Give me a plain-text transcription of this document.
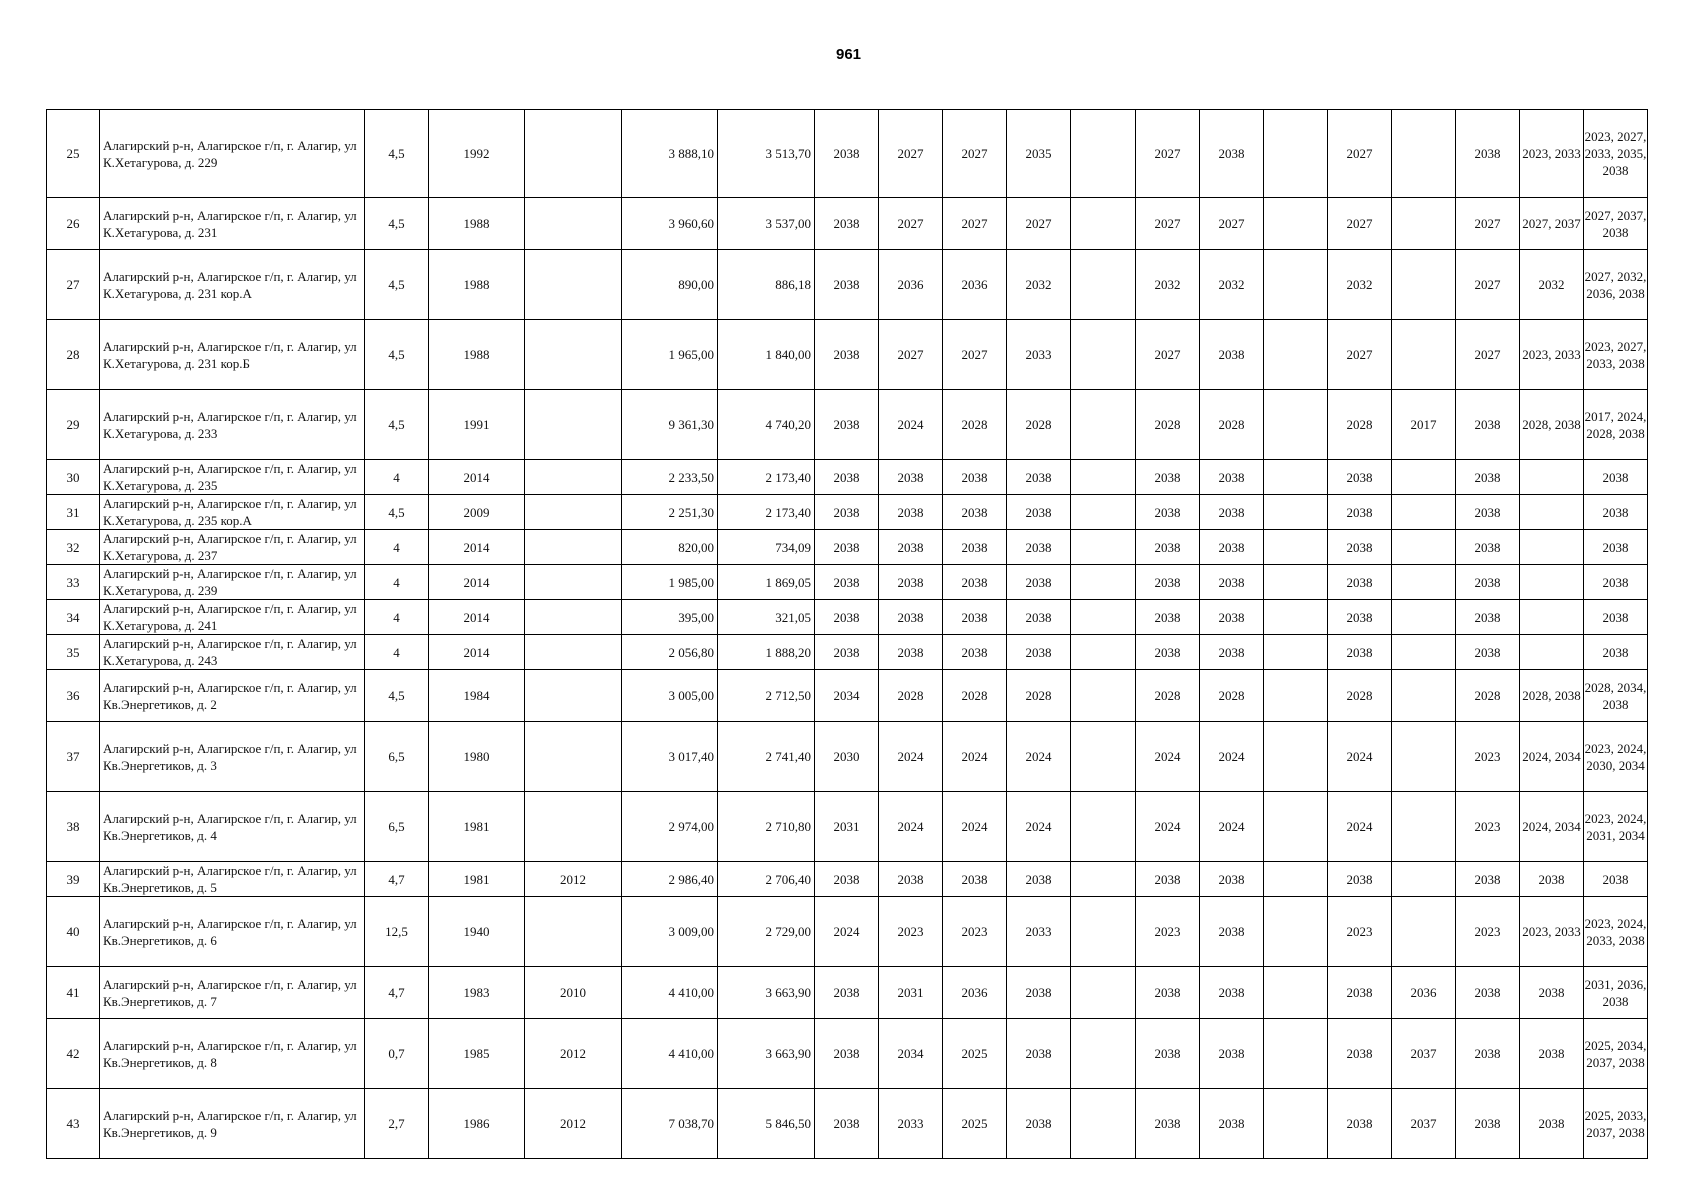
961
25	Алагирский р-н, Алагирское г/п, г. Алагир, ул К.Хетагурова, д. 229	4,5	1992		3 888,10	3 513,70	2038	2027	2027	2035		2027	2038		2027		2038	2023, 2033	2023, 2027, 2033, 2035, 2038
26	Алагирский р-н, Алагирское г/п, г. Алагир, ул К.Хетагурова, д. 231	4,5	1988		3 960,60	3 537,00	2038	2027	2027	2027		2027	2027		2027		2027	2027, 2037	2027, 2037, 2038
27	Алагирский р-н, Алагирское г/п, г. Алагир, ул К.Хетагурова, д. 231 кор.А	4,5	1988		890,00	886,18	2038	2036	2036	2032		2032	2032		2032		2027	2032	2027, 2032, 2036, 2038
28	Алагирский р-н, Алагирское г/п, г. Алагир, ул К.Хетагурова, д. 231 кор.Б	4,5	1988		1 965,00	1 840,00	2038	2027	2027	2033		2027	2038		2027		2027	2023, 2033	2023, 2027, 2033, 2038
29	Алагирский р-н, Алагирское г/п, г. Алагир, ул К.Хетагурова, д. 233	4,5	1991		9 361,30	4 740,20	2038	2024	2028	2028		2028	2028		2028	2017	2038	2028, 2038	2017, 2024, 2028, 2038
30	Алагирский р-н, Алагирское г/п, г. Алагир, ул К.Хетагурова, д. 235	4	2014		2 233,50	2 173,40	2038	2038	2038	2038		2038	2038		2038		2038		2038
31	Алагирский р-н, Алагирское г/п, г. Алагир, ул К.Хетагурова, д. 235 кор.А	4,5	2009		2 251,30	2 173,40	2038	2038	2038	2038		2038	2038		2038		2038		2038
32	Алагирский р-н, Алагирское г/п, г. Алагир, ул К.Хетагурова, д. 237	4	2014		820,00	734,09	2038	2038	2038	2038		2038	2038		2038		2038		2038
33	Алагирский р-н, Алагирское г/п, г. Алагир, ул К.Хетагурова, д. 239	4	2014		1 985,00	1 869,05	2038	2038	2038	2038		2038	2038		2038		2038		2038
34	Алагирский р-н, Алагирское г/п, г. Алагир, ул К.Хетагурова, д. 241	4	2014		395,00	321,05	2038	2038	2038	2038		2038	2038		2038		2038		2038
35	Алагирский р-н, Алагирское г/п, г. Алагир, ул К.Хетагурова, д. 243	4	2014		2 056,80	1 888,20	2038	2038	2038	2038		2038	2038		2038		2038		2038
36	Алагирский р-н, Алагирское г/п, г. Алагир, ул Кв.Энергетиков, д. 2	4,5	1984		3 005,00	2 712,50	2034	2028	2028	2028		2028	2028		2028		2028	2028, 2038	2028, 2034, 2038
37	Алагирский р-н, Алагирское г/п, г. Алагир, ул Кв.Энергетиков, д. 3	6,5	1980		3 017,40	2 741,40	2030	2024	2024	2024		2024	2024		2024		2023	2024, 2034	2023, 2024, 2030, 2034
38	Алагирский р-н, Алагирское г/п, г. Алагир, ул Кв.Энергетиков, д. 4	6,5	1981		2 974,00	2 710,80	2031	2024	2024	2024		2024	2024		2024		2023	2024, 2034	2023, 2024, 2031, 2034
39	Алагирский р-н, Алагирское г/п, г. Алагир, ул Кв.Энергетиков, д. 5	4,7	1981	2012	2 986,40	2 706,40	2038	2038	2038	2038		2038	2038		2038		2038	2038	2038
40	Алагирский р-н, Алагирское г/п, г. Алагир, ул Кв.Энергетиков, д. 6	12,5	1940		3 009,00	2 729,00	2024	2023	2023	2033		2023	2038		2023		2023	2023, 2033	2023, 2024, 2033, 2038
41	Алагирский р-н, Алагирское г/п, г. Алагир, ул Кв.Энергетиков, д. 7	4,7	1983	2010	4 410,00	3 663,90	2038	2031	2036	2038		2038	2038		2038	2036	2038	2038	2031, 2036, 2038
42	Алагирский р-н, Алагирское г/п, г. Алагир, ул Кв.Энергетиков, д. 8	0,7	1985	2012	4 410,00	3 663,90	2038	2034	2025	2038		2038	2038		2038	2037	2038	2038	2025, 2034, 2037, 2038
43	Алагирский р-н, Алагирское г/п, г. Алагир, ул Кв.Энергетиков, д. 9	2,7	1986	2012	7 038,70	5 846,50	2038	2033	2025	2038		2038	2038		2038	2037	2038	2038	2025, 2033, 2037, 2038
